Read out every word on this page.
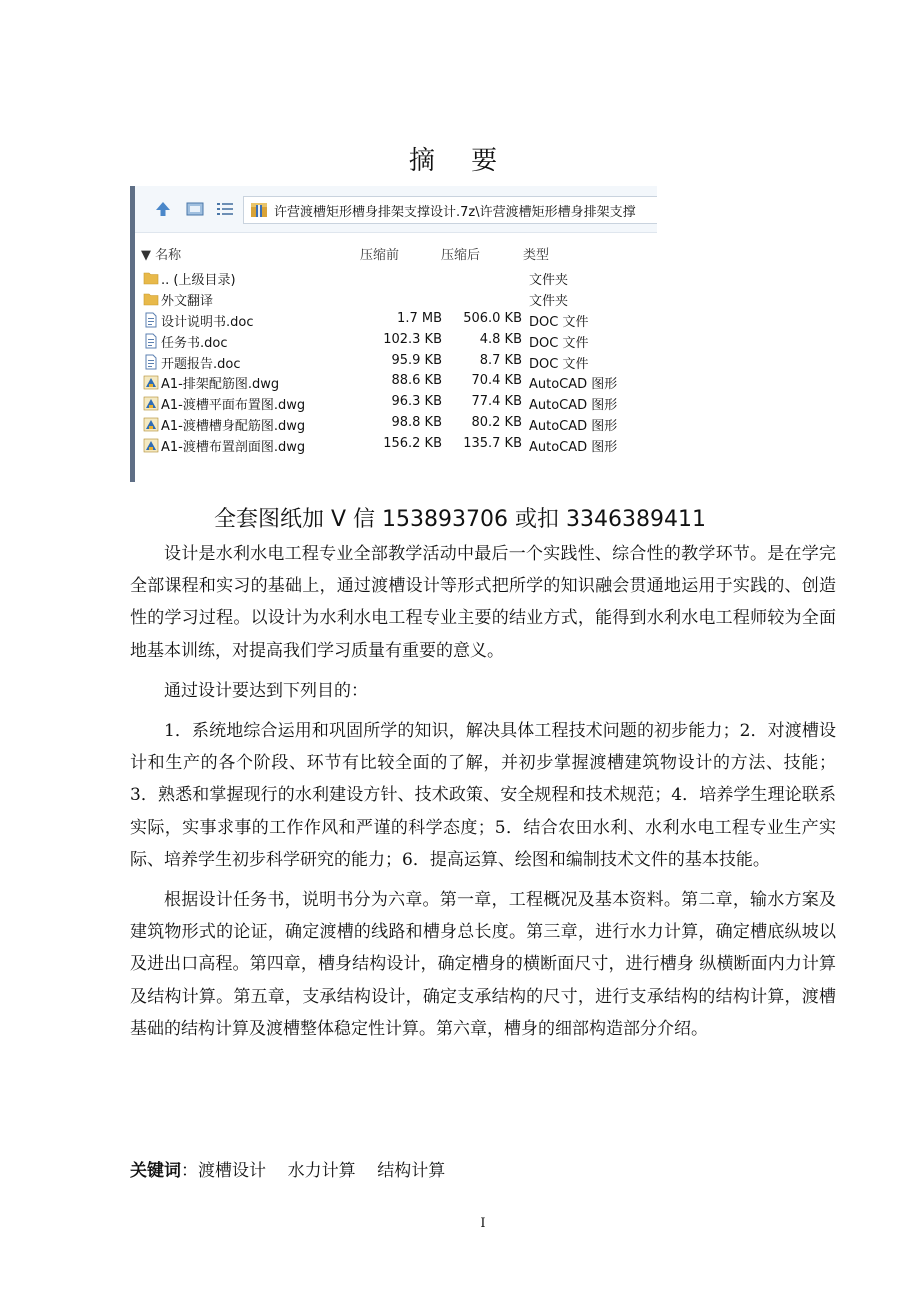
摘 要
许营渡槽矩形槽身排架支撑设计.7z\许营渡槽矩形槽身排架支撑
▼ 名称	压缩前	压缩后	类型
.. (上级目录)	文件夹
外文翻译	文件夹
设计说明书.doc	1.7 MB 506.0 KB DOC 文件
任务书.doc	102.3 KB	4.8 KB DOC 文件
开题报告.doc	95.9 KB	8.7 KB DOC 文件
A1-排架配筋图.dwg	88.6 KB 70.4 KB AutoCAD 图形
A1-渡槽平面布置图.dwg	96.3 KB 77.4 KB AutoCAD 图形
A1-渡槽槽身配筋图.dwg	98.8 KB 80.2 KB AutoCAD 图形
A1-渡槽布置剖面图.dwg	156.2 KB 135.7 KB AutoCAD 图形
全套图纸加 V 信 153893706 或扣 3346389411

设计是水利水电工程专业全部教学活动中最后一个实践性、综合性的教学环节。是在学完全部课程和实习的基础上，通过渡槽设计等形式把所学的知识融会贯通地运用于实践的、创造性的学习过程。以设计为水利水电工程专业主要的结业方式，能得到水利水电工程师较为全面地基本训练，对提高我们学习质量有重要的意义。

通过设计要达到下列目的：

1．系统地综合运用和巩固所学的知识，解决具体工程技术问题的初步能力；2．对渡槽设计和生产的各个阶段、环节有比较全面的了解，并初步掌握渡槽建筑物设计的方法、技能；3．熟悉和掌握现行的水利建设方针、技术政策、安全规程和技术规范；4．培养学生理论联系实际，实事求事的工作作风和严谨的科学态度；5．结合农田水利、水利水电工程专业生产实际、培养学生初步科学研究的能力；6．提高运算、绘图和编制技术文件的基本技能。

根据设计任务书，说明书分为六章。第一章，工程概况及基本资料。第二章，输水方案及建筑物形式的论证，确定渡槽的线路和槽身总长度。第三章，进行水力计算，确定槽底纵坡以及进出口高程。第四章，槽身结构设计，确定槽身的横断面尺寸，进行槽身 纵横断面内力计算及结构计算。第五章，支承结构设计，确定支承结构的尺寸，进行支承结构的结构计算，渡槽基础的结构计算及渡槽整体稳定性计算。第六章，槽身的细部构造部分介绍。

关键词：渡槽设计    水力计算    结构计算
I
